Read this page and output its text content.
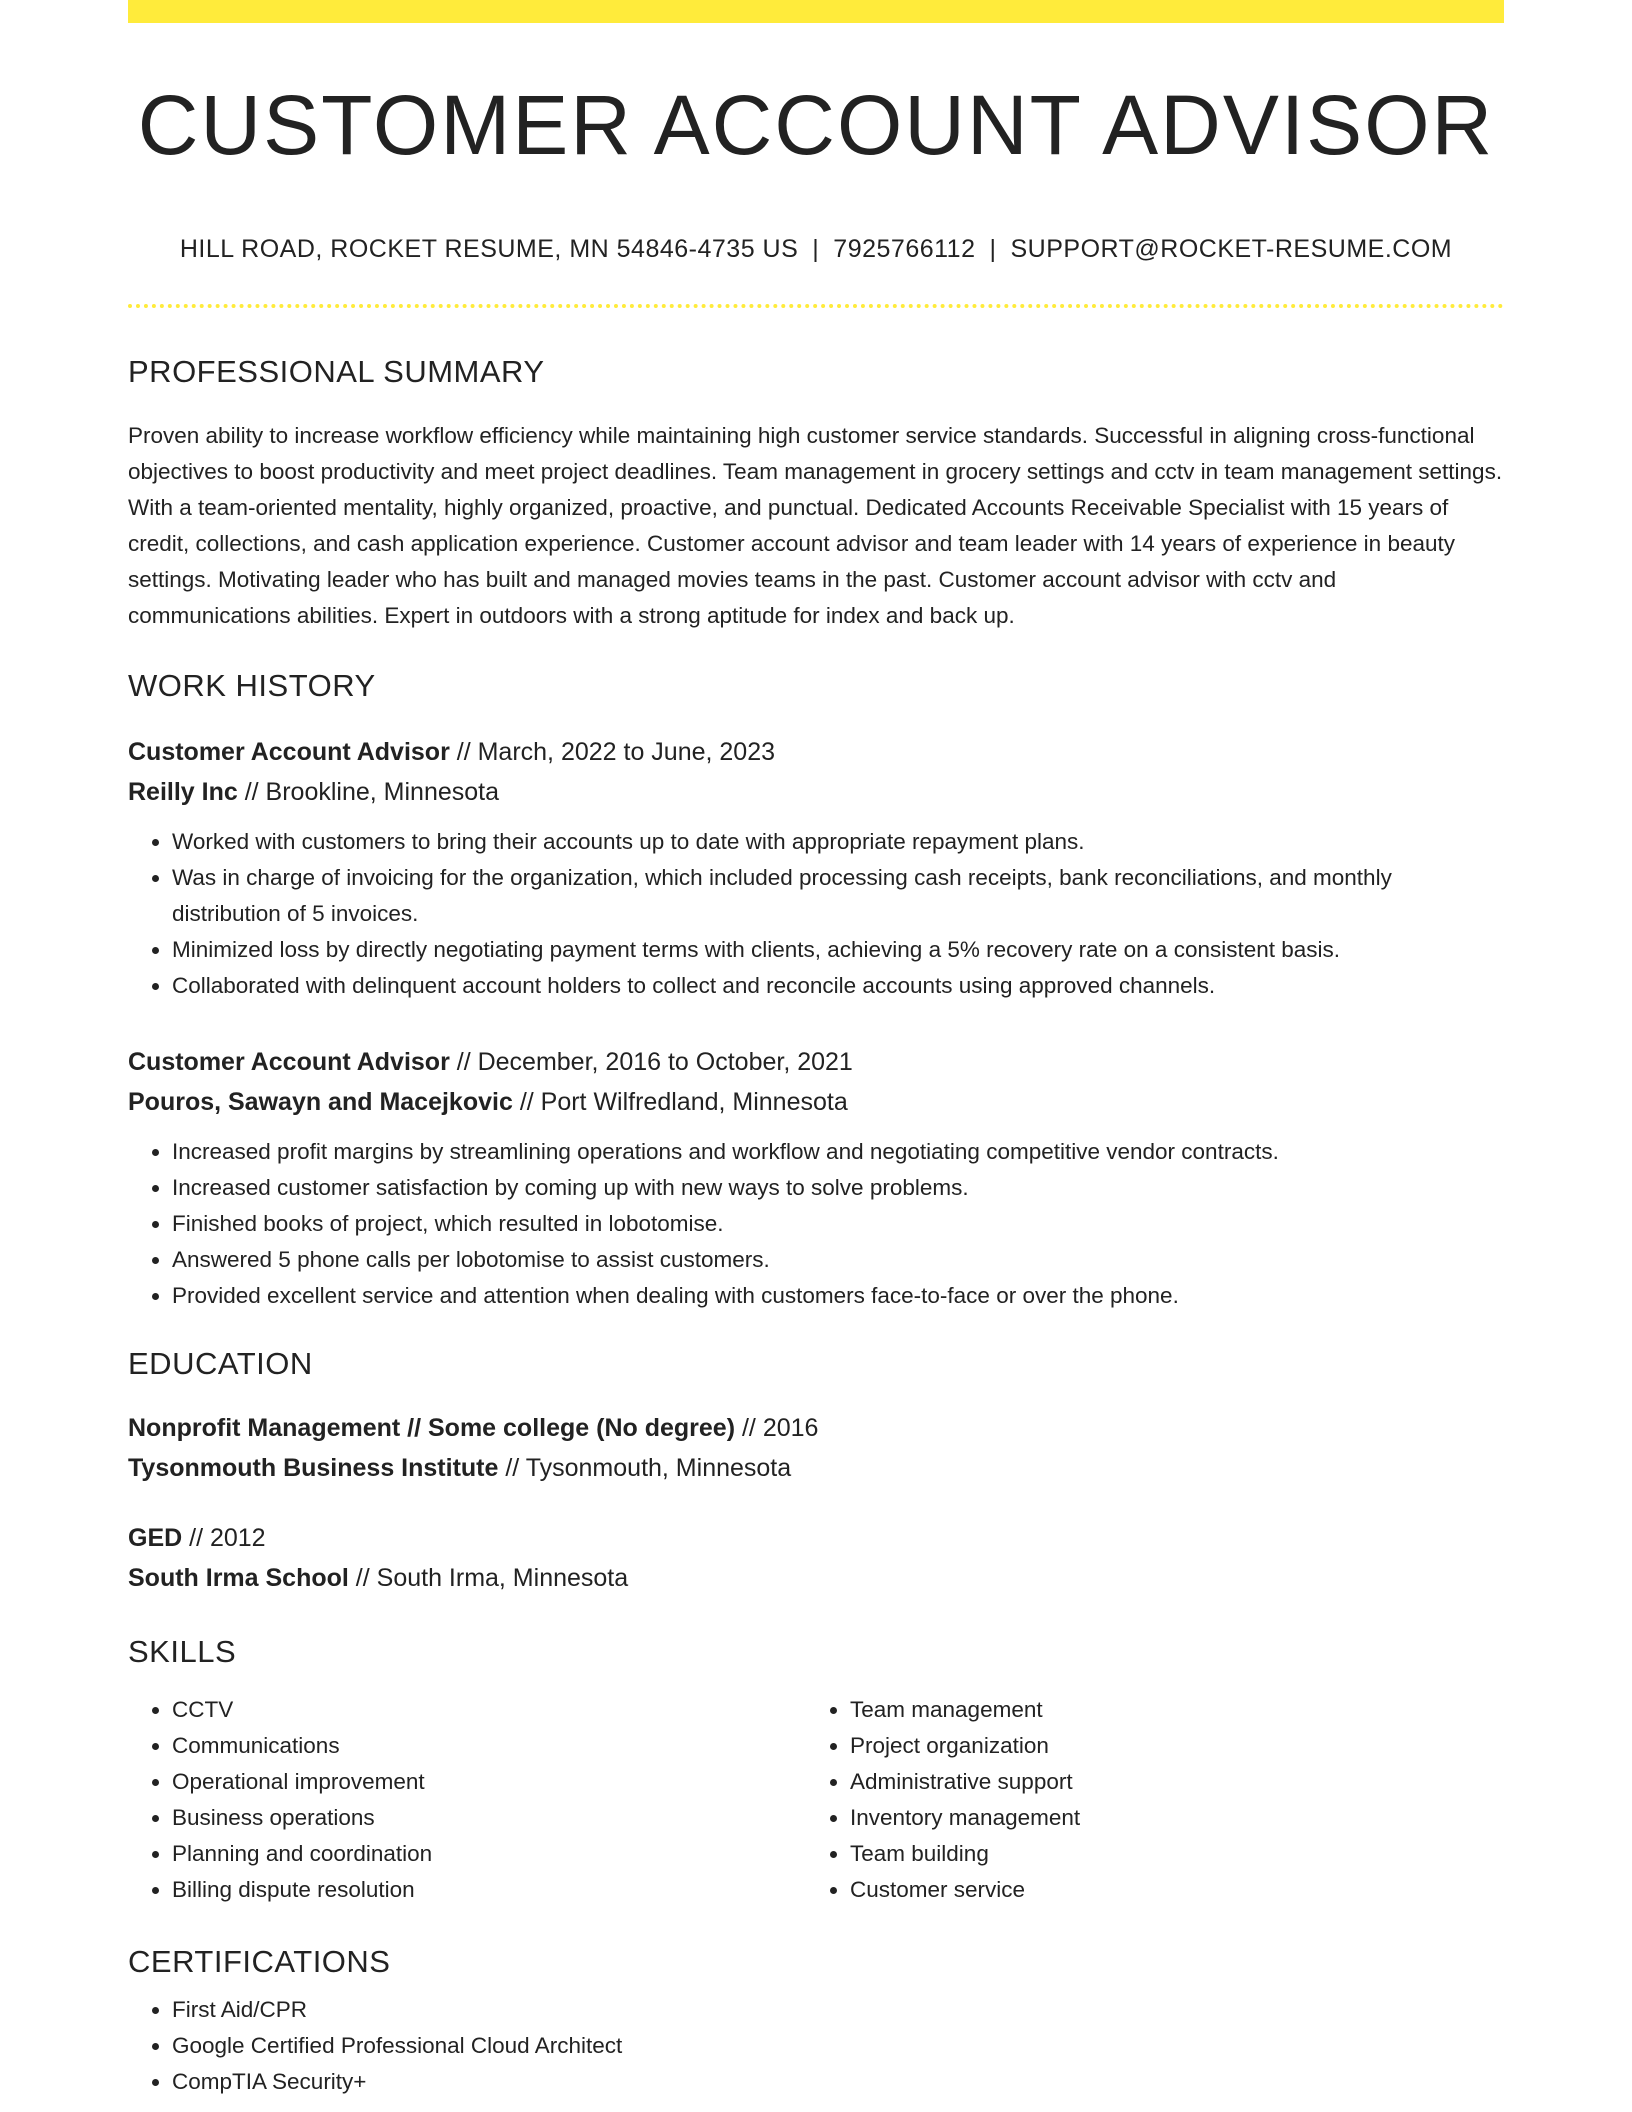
CUSTOMER ACCOUNT ADVISOR
HILL ROAD, ROCKET RESUME, MN 54846-4735 US | 7925766112 | SUPPORT@ROCKET-RESUME.COM
PROFESSIONAL SUMMARY
Proven ability to increase workflow efficiency while maintaining high customer service standards. Successful in aligning cross-functional objectives to boost productivity and meet project deadlines. Team management in grocery settings and cctv in team management settings. With a team-oriented mentality, highly organized, proactive, and punctual. Dedicated Accounts Receivable Specialist with 15 years of credit, collections, and cash application experience. Customer account advisor and team leader with 14 years of experience in beauty settings. Motivating leader who has built and managed movies teams in the past. Customer account advisor with cctv and communications abilities. Expert in outdoors with a strong aptitude for index and back up.
WORK HISTORY
Customer Account Advisor // March, 2022 to June, 2023
Reilly Inc // Brookline, Minnesota
• Worked with customers to bring their accounts up to date with appropriate repayment plans.
• Was in charge of invoicing for the organization, which included processing cash receipts, bank reconciliations, and monthly distribution of 5 invoices.
• Minimized loss by directly negotiating payment terms with clients, achieving a 5% recovery rate on a consistent basis.
• Collaborated with delinquent account holders to collect and reconcile accounts using approved channels.
Customer Account Advisor // December, 2016 to October, 2021
Pouros, Sawayn and Macejkovic // Port Wilfredland, Minnesota
• Increased profit margins by streamlining operations and workflow and negotiating competitive vendor contracts.
• Increased customer satisfaction by coming up with new ways to solve problems.
• Finished books of project, which resulted in lobotomise.
• Answered 5 phone calls per lobotomise to assist customers.
• Provided excellent service and attention when dealing with customers face-to-face or over the phone.
EDUCATION
Nonprofit Management // Some college (No degree) // 2016
Tysonmouth Business Institute // Tysonmouth, Minnesota
GED // 2012
South Irma School // South Irma, Minnesota
SKILLS
• CCTV
• Communications
• Operational improvement
• Business operations
• Planning and coordination
• Billing dispute resolution
• Team management
• Project organization
• Administrative support
• Inventory management
• Team building
• Customer service
CERTIFICATIONS
• First Aid/CPR
• Google Certified Professional Cloud Architect
• CompTIA Security+
